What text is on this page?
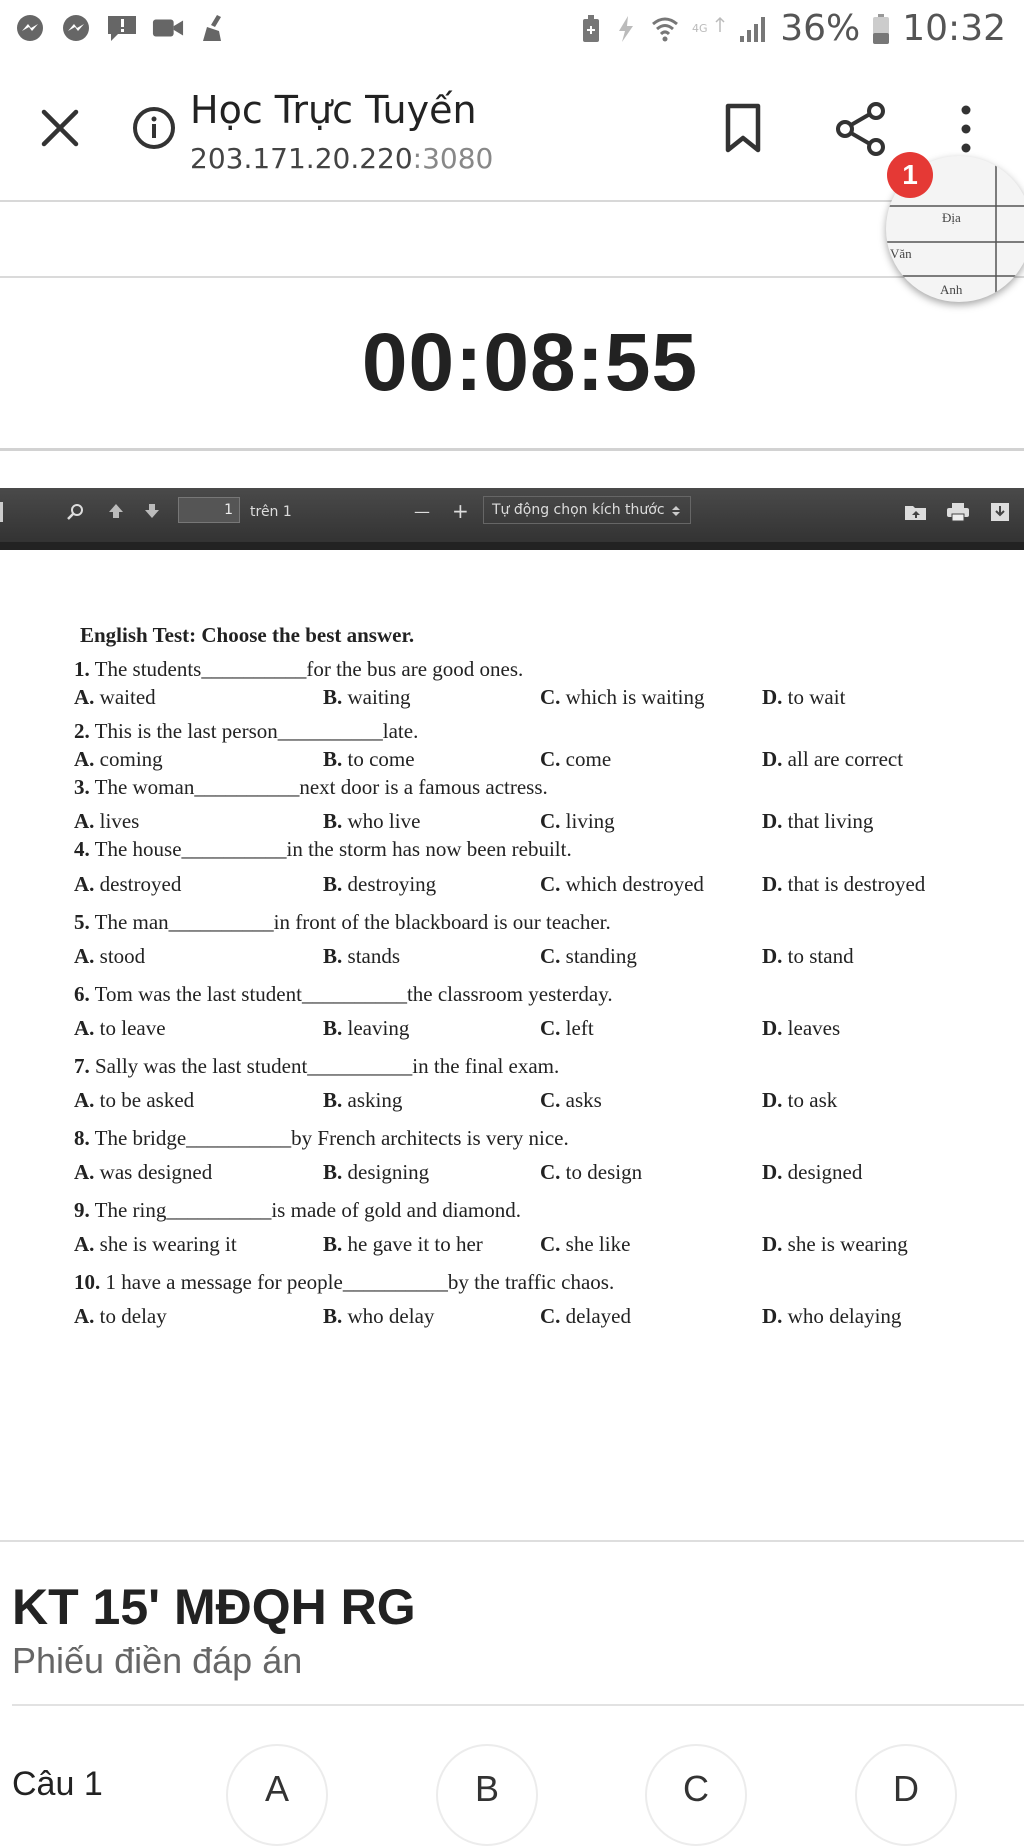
4G 36% 10:32
Học Trực Tuyến
203.171.20.220:3080
00:08:55
Địa
Văn
Anh
1
1	trên 1	— +	Tự động chọn kích thước
English Test: Choose the best answer.
1. The students__________for the bus are good ones.
A. waited	B. waiting	C. which is waiting	D. to wait
2. This is the last person__________late.
A. coming	B. to come	C. come	D. all are correct
3. The woman__________next door is a famous actress.
A. lives	B. who live	C. living	D. that living
4. The house__________in the storm has now been rebuilt.
A. destroyed	B. destroying	C. which destroyed	D. that is destroyed
5. The man__________in front of the blackboard is our teacher.
A. stood	B. stands	C. standing	D. to stand
6. Tom was the last student__________the classroom yesterday.
A. to leave	B. leaving	C. left	D. leaves
7. Sally was the last student__________in the final exam.
A. to be asked	B. asking	C. asks	D. to ask
8. The bridge__________by French architects is very nice.
A. was designed	B. designing	C. to design	D. designed
9. The ring__________is made of gold and diamond.
A. she is wearing it	B. he gave it to her	C. she like	D. she is wearing
10. 1 have a message for people__________by the traffic chaos.
A. to delay	B. who delay	C. delayed	D. who delaying
KT 15' MĐQH RG
Phiếu điền đáp án
Câu 1	A	B	C	D
